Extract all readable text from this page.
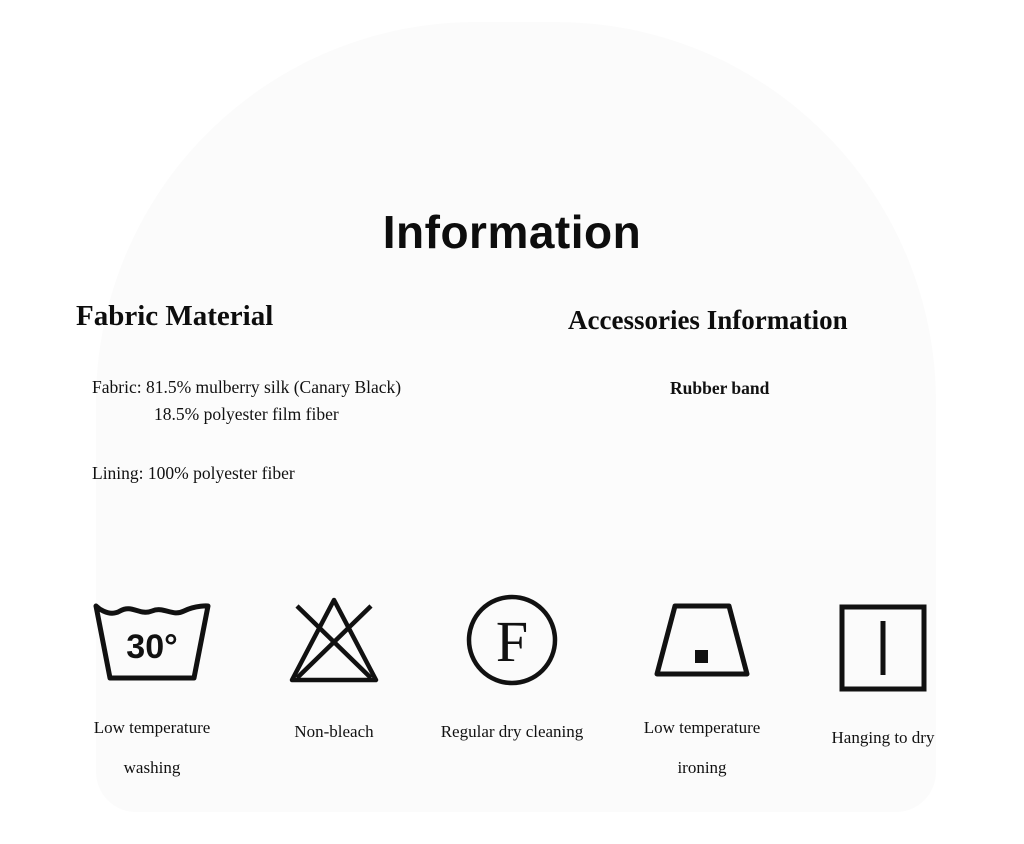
Information
Fabric Material	Accessories Information
Fabric: 81.5% mulberry silk (Canary Black)
18.5% polyester film fiber
Lining: 100% polyester fiber
Rubber band
30°
Low temperature
washing
Non-bleach
F
Regular dry cleaning	Low temperature
ironing
Hanging to dry
